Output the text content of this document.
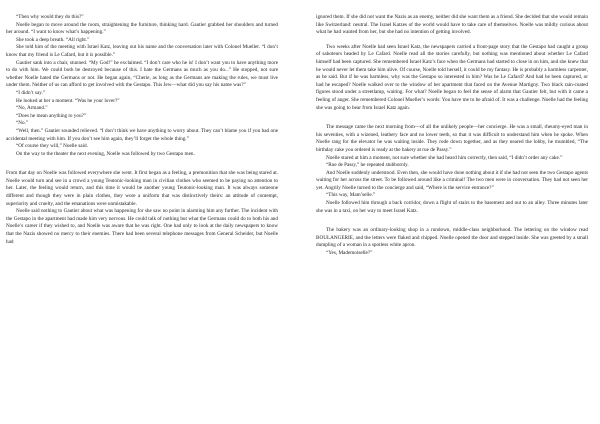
“Then why would they do this?”

Noelle began to move around the room, straightening the furniture, thinking hard. Gautier grabbed her shoulders and turned her around. “I want to know what’s happening.”

She took a deep breath. “All right.”

She told him of the meeting with Israel Katz, leaving out his name and the conversation later with Colonel Mueller. “I don’t know that my friend is Le Cafard, but it is possible.”

Gautier sank into a chair, stunned. “My God!” he exclaimed. “I don’t care who he is! I don’t want you to have anything more to do with him. We could both be destroyed because of this. I hate the Germans as much as you do...” He stopped, not sure whether Noelle hated the Germans or not. He began again, “Cherie, as long as the Germans are making the rules, we must live under them. Neither of us can afford to get involved with the Gestapo. This Jew—what did you say his name was?”

“I didn’t say.”

He looked at her a moment. “Was he your lover?”

“No, Armand.”

“Does he mean anything to you?”

“No.”

“Well, then.” Gautier sounded relieved. “I don’t think we have anything to worry about. They can’t blame you if you had one accidental meeting with him. If you don’t see him again, they’ll forget the whole thing.”

“Of course they will,” Noelle said.

On the way to the theater the next evening, Noelle was followed by two Gestapo men.

From that day on Noelle was followed everywhere she went. It first began as a feeling, a premonition that she was being stared at. Noelle would turn and see in a crowd a young Teutonic-looking man in civilian clothes who seemed to be paying no attention to her. Later, the feeling would return, and this time it would be another young Teutonic-looking man. It was always someone different and though they were in plain clothes, they wore a uniform that was distinctively theirs: an attitude of contempt, superiority and cruelty, and the emanations were unmistakable.

Noelle said nothing to Gautier about what was happening for she saw no point in alarming him any further. The incident with the Gestapo in the apartment had made him very nervous. He could talk of nothing but what the Germans could do to both his and Noelle’s career if they wished to, and Noelle was aware that he was right. One had only to look at the daily newspapers to know that the Nazis showed no mercy to their enemies. There had been several telephone messages from General Scheider, but Noelle had

ignored them. If she did not want the Nazis as an enemy, neither did she want them as a friend. She decided that she would remain like Switzerland: neutral. The Israel Katzes of the world would have to take care of themselves. Noelle was mildly curious about what he had wanted from her, but she had no intention of getting involved.

Two weeks after Noelle had seen Israel Katz, the newspapers carried a front-page story that the Gestapo had caught a group of saboteurs headed by Le Cafard. Noelle read all the stories carefully, but nothing was mentioned about whether Le Cafard himself had been captured. She remembered Israel Katz’s face when the Germans had started to close in on him, and she knew that he would never let them take him alive. Of course, Noelle told herself, it could be my fantasy. He is probably a harmless carpenter, as he said. But if he was harmless, why was the Gestapo so interested in him? Was he Le Cafard? And had he been captured, or had he escaped? Noelle walked over to the window of her apartment that faced on the Avenue Martigny. Two black rain-coated figures stood under a streetlamp, waiting. For what? Noelle began to feel the sense of alarm that Gautier felt, but with it came a feeling of anger. She remembered Colonel Mueller’s words: You have me to be afraid of. It was a challenge. Noelle had the feeling she was going to hear from Israel Katz again.

The message came the next morning from—of all the unlikely people—her concierge. He was a small, rheumy-eyed man in his seventies, with a wizened, leathery face and no lower teeth, so that it was difficult to understand him when he spoke. When Noelle rang for the elevator he was waiting inside. They rode down together, and as they neared the lobby, he mumbled, “The birthday cake you ordered is ready at the bakery at rue de Passy.”

Noelle stared at him a moment, not sure whether she had heard him correctly, then said, “I didn’t order any cake.”

“Rue de Passy,” he repeated stubbornly.

And Noelle suddenly understood. Even then, she would have done nothing about it if she had not seen the two Gestapo agents waiting for her across the street. To be followed around like a criminal! The two men were in conversation. They had not seen her yet. Angrily Noelle turned to the concierge and said, “Where is the service entrance?”

“This way, Mam’selle.”

Noelle followed him through a back corridor, down a flight of stairs to the basement and out to an alley. Three minutes later she was in a taxi, on her way to meet Israel Katz.

The bakery was an ordinary-looking shop in a rundown, middle-class neighborhood. The lettering on the window read BOULANGERIE, and the letters were flaked and chipped. Noelle opened the door and stepped inside. She was greeted by a small dumpling of a woman in a spotless white apron.

“Yes, Mademoiselle?”
